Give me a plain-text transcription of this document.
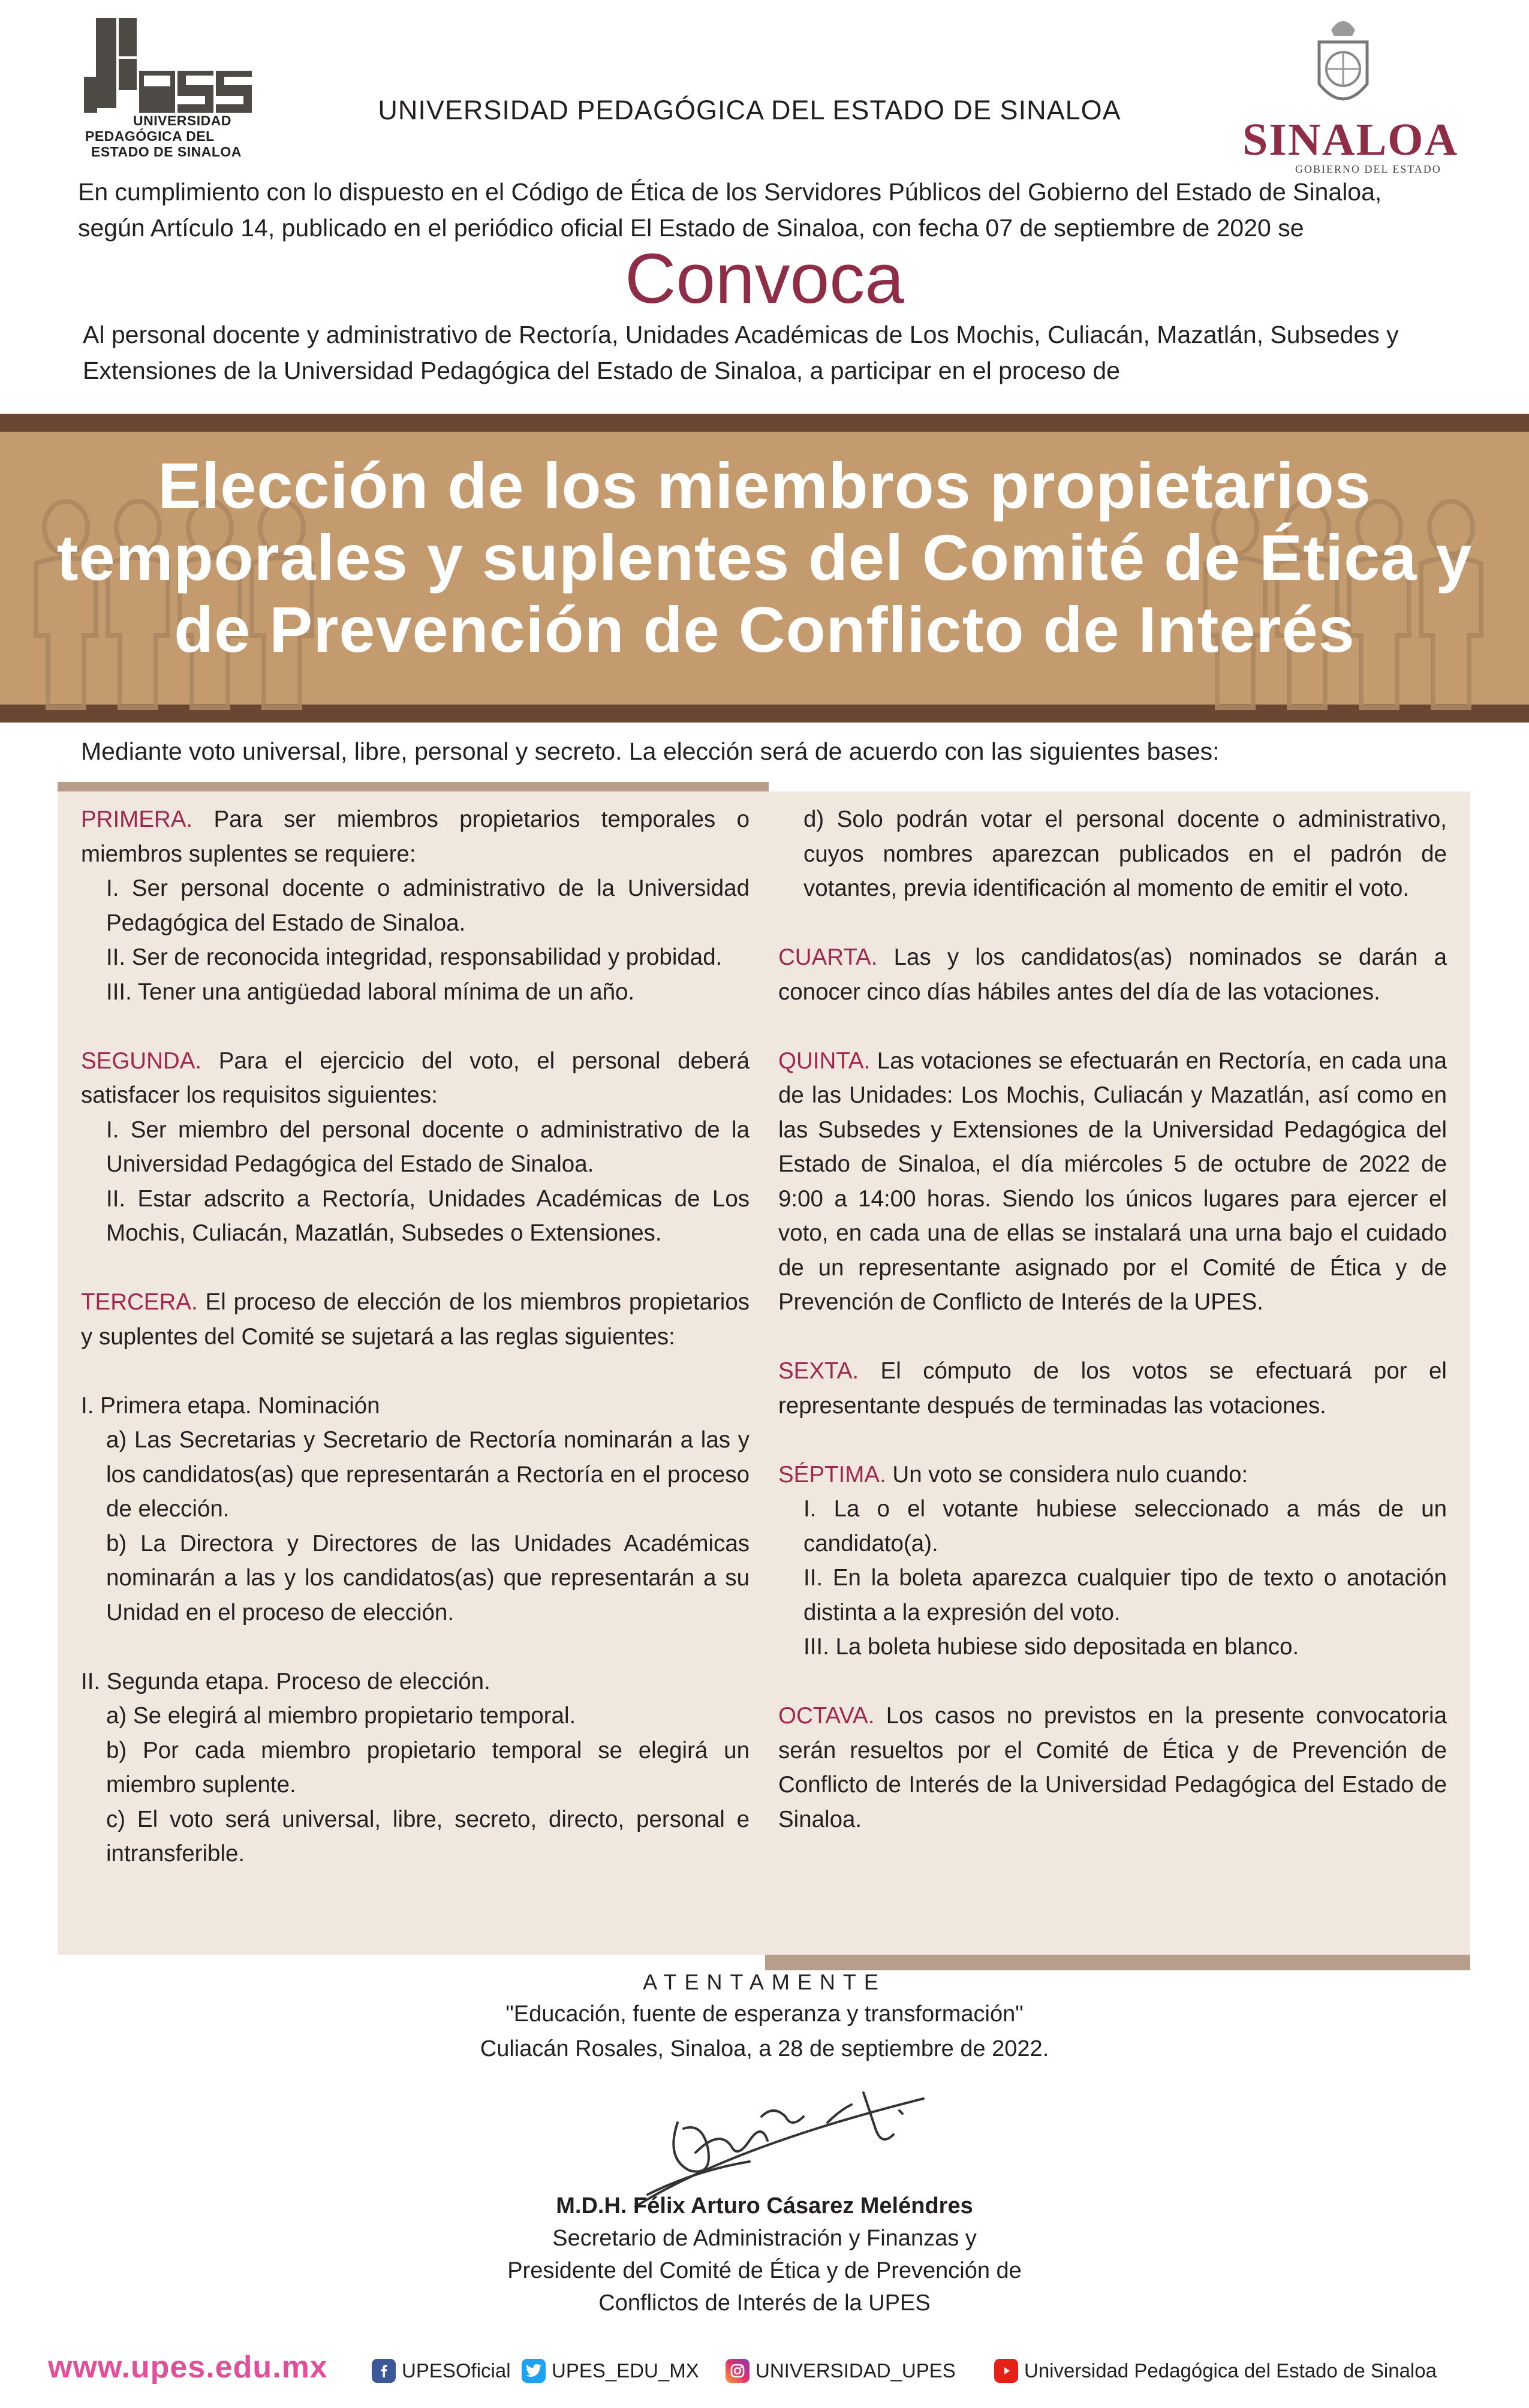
UNIVERSIDAD
PEDAGÓGICA DEL
ESTADO DE SINALOA
UNIVERSIDAD PEDAGÓGICA DEL ESTADO DE SINALOA
SINALOA
GOBIERNO DEL ESTADO
En cumplimiento con lo dispuesto en el Código de Ética de los Servidores Públicos del Gobierno del Estado de Sinaloa,
según Artículo 14, publicado en el periódico oficial El Estado de Sinaloa, con fecha 07 de septiembre de 2020 se
Convoca
Al personal docente y administrativo de Rectoría, Unidades Académicas de Los Mochis, Culiacán, Mazatlán, Subsedes y
Extensiones de la Universidad Pedagógica del Estado de Sinaloa, a participar en el proceso de
Elección de los miembros propietarios
temporales y suplentes del Comité de Ética y
de Prevención de Conflicto de Interés
Mediante voto universal, libre, personal y secreto. La elección será de acuerdo con las siguientes bases:

PRIMERA. Para ser miembros propietarios temporales o miembros suplentes se requiere:

I. Ser personal docente o administrativo de la Universidad Pedagógica del Estado de Sinaloa.

II. Ser de reconocida integridad, responsabilidad y probidad.

III. Tener una antigüedad laboral mínima de un año.

SEGUNDA. Para el ejercicio del voto, el personal deberá satisfacer los requisitos siguientes:

I. Ser miembro del personal docente o administrativo de la Universidad Pedagógica del Estado de Sinaloa.

II. Estar adscrito a Rectoría, Unidades Académicas de Los Mochis, Culiacán, Mazatlán, Subsedes o Extensiones.

TERCERA. El proceso de elección de los miembros propietarios y suplentes del Comité se sujetará a las reglas siguientes:

I. Primera etapa. Nominación

a) Las Secretarias y Secretario de Rectoría nominarán a las y los candidatos(as) que representarán a Rectoría en el proceso de elección.

b) La Directora y Directores de las Unidades Académicas nominarán a las y los candidatos(as) que representarán a su Unidad en el proceso de elección.

II. Segunda etapa. Proceso de elección.

a) Se elegirá al miembro propietario temporal.

b) Por cada miembro propietario temporal se elegirá un miembro suplente.

c) El voto será universal, libre, secreto, directo, personal e intransferible.

d) Solo podrán votar el personal docente o administrativo, cuyos nombres aparezcan publicados en el padrón de votantes, previa identificación al momento de emitir el voto.

CUARTA. Las y los candidatos(as) nominados se darán a conocer cinco días hábiles antes del día de las votaciones.

QUINTA. Las votaciones se efectuarán en Rectoría, en cada una de las Unidades: Los Mochis, Culiacán y Mazatlán, así como en las Subsedes y Extensiones de la Universidad Pedagógica del Estado de Sinaloa, el día miércoles 5 de octubre de 2022 de 9:00 a 14:00 horas. Siendo los únicos lugares para ejercer el voto, en cada una de ellas se instalará una urna bajo el cuidado de un representante asignado por el Comité de Ética y de Prevención de Conflicto de Interés de la UPES.

SEXTA. El cómputo de los votos se efectuará por el representante después de terminadas las votaciones.

SÉPTIMA. Un voto se considera nulo cuando:

I. La o el votante hubiese seleccionado a más de un candidato(a).

II. En la boleta aparezca cualquier tipo de texto o anotación distinta a la expresión del voto.

III. La boleta hubiese sido depositada en blanco.

OCTAVA. Los casos no previstos en la presente convocatoria serán resueltos por el Comité de Ética y de Prevención de Conflicto de Interés de la Universidad Pedagógica del Estado de Sinaloa.

ATENTAMENTE
"Educación, fuente de esperanza y transformación"
Culiacán Rosales, Sinaloa, a 28 de septiembre de 2022.
M.D.H. Félix Arturo Cásarez Meléndres
Secretario de Administración y Finanzas y
Presidente del Comité de Ética y de Prevención de
Conflictos de Interés de la UPES
www.upes.edu.mx	UPESOficial UPES_EDU_MX	UNIVERSIDAD_UPES	Universidad Pedagógica del Estado de Sinaloa
